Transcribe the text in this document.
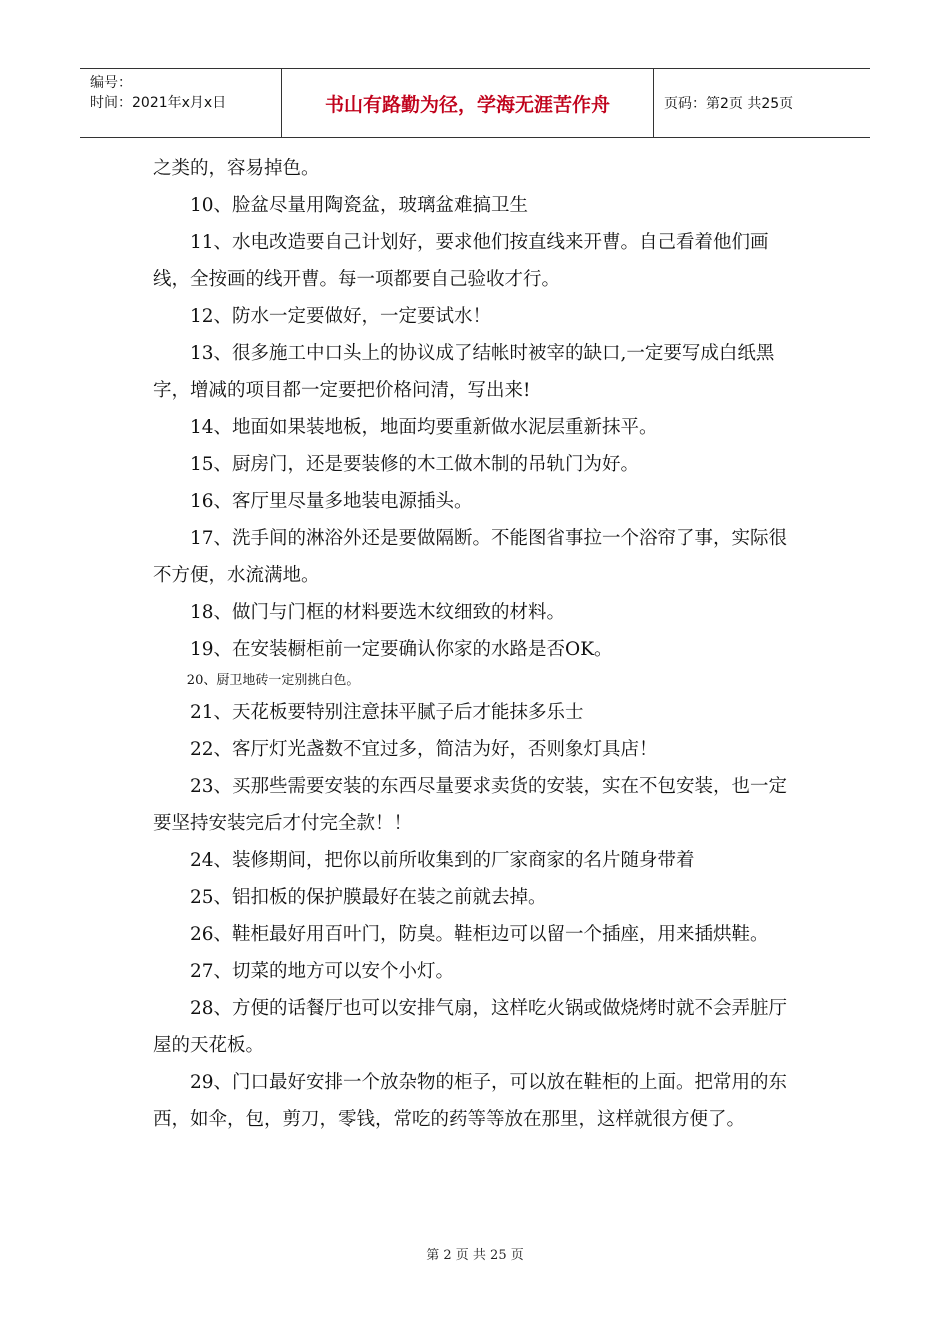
编号：
时间：2021年x月x日	书山有路勤为径，学海无涯苦作舟	页码：第2页 共25页

之类的，容易掉色。

10、脸盆尽量用陶瓷盆，玻璃盆难搞卫生

11、水电改造要自己计划好，要求他们按直线来开曹。自己看着他们画线，全按画的线开曹。每一项都要自己验收才行。

12、防水一定要做好，一定要试水！

13、很多施工中口头上的协议成了结帐时被宰的缺口,一定要写成白纸黑字，增减的项目都一定要把价格问清，写出来!

14、地面如果装地板，地面均要重新做水泥层重新抹平。

15、厨房门，还是要装修的木工做木制的吊轨门为好。

16、客厅里尽量多地装电源插头。

17、洗手间的淋浴外还是要做隔断。不能图省事拉一个浴帘了事，实际很不方便，水流满地。

18、做门与门框的材料要选木纹细致的材料。

19、在安装橱柜前一定要确认你家的水路是否OK。

20、厨卫地砖一定别挑白色。

21、天花板要特别注意抹平腻子后才能抹多乐士

22、客厅灯光盏数不宜过多，简洁为好，否则象灯具店！

23、买那些需要安装的东西尽量要求卖货的安装，实在不包安装，也一定要坚持安装完后才付完全款！！

24、装修期间，把你以前所收集到的厂家商家的名片随身带着

25、铝扣板的保护膜最好在装之前就去掉。

26、鞋柜最好用百叶门，防臭。鞋柜边可以留一个插座，用来插烘鞋。

27、切菜的地方可以安个小灯。

28、方便的话餐厅也可以安排气扇，这样吃火锅或做烧烤时就不会弄脏厅屋的天花板。

29、门口最好安排一个放杂物的柜子，可以放在鞋柜的上面。把常用的东西，如伞，包，剪刀，零钱，常吃的药等等放在那里，这样就很方便了。

第 2 页 共 25 页
